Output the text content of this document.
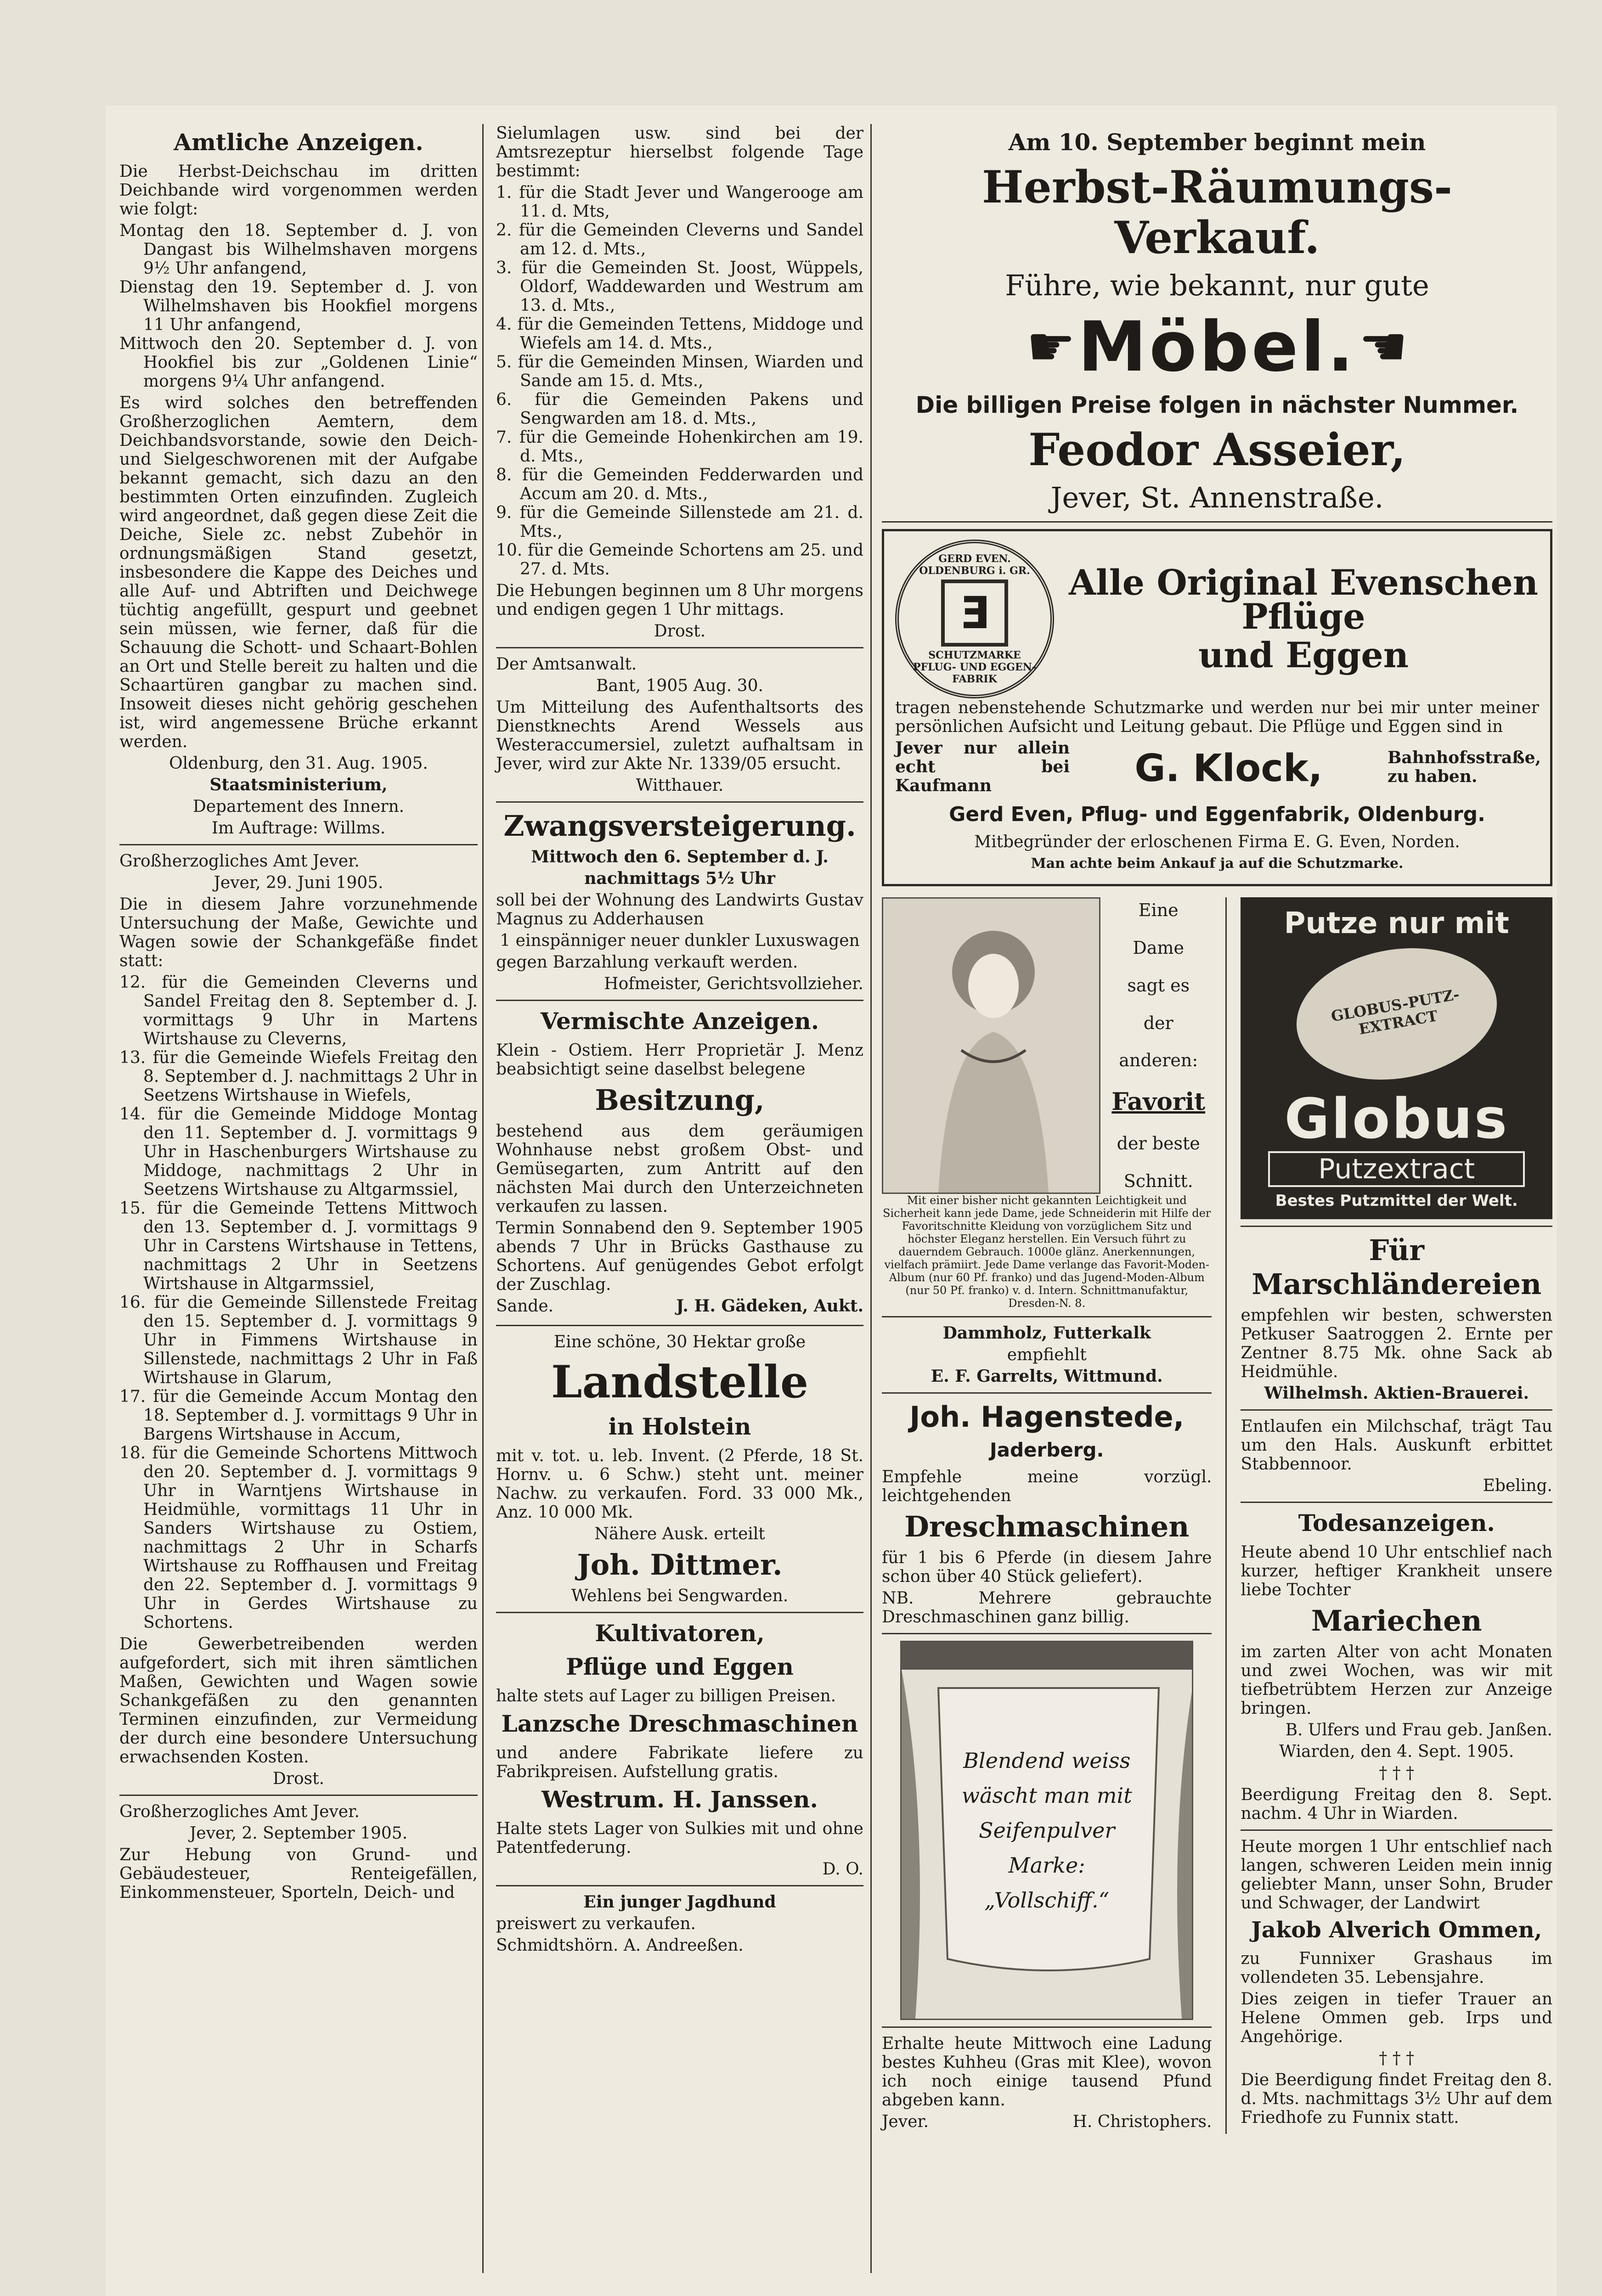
Amtliche Anzeigen.

Die Herbst-Deichschau im dritten Deichbande wird vorgenommen werden wie folgt:

Montag den 18. September d. J. von Dangast bis Wilhelmshaven morgens 9½ Uhr anfangend,
Dienstag den 19. September d. J. von Wilhelmshaven bis Hookfiel morgens 11 Uhr anfangend,
Mittwoch den 20. September d. J. von Hookfiel bis zur „Goldenen Linie“ morgens 9¼ Uhr anfangend.

Es wird solches den betreffenden Großherzoglichen Aemtern, dem Deichbandsvorstande, sowie den Deich- und Sielgeschworenen mit der Aufgabe bekannt gemacht, sich dazu an den bestimmten Orten einzufinden. Zugleich wird angeordnet, daß gegen diese Zeit die Deiche, Siele zc. nebst Zubehör in ordnungsmäßigen Stand gesetzt, insbesondere die Kappe des Deiches und alle Auf- und Abtriften und Deichwege tüchtig angefüllt, gespurt und geebnet sein müssen, wie ferner, daß für die Schauung die Schott- und Schaart-Bohlen an Ort und Stelle bereit zu halten und die Schaartüren gangbar zu machen sind. Insoweit dieses nicht gehörig geschehen ist, wird angemessene Brüche erkannt werden.

Oldenburg, den 31. Aug. 1905.

Staatsministerium,

Departement des Innern.

Im Auftrage: Willms.

Großherzogliches Amt Jever.

Jever, 29. Juni 1905.

Die in diesem Jahre vorzunehmende Untersuchung der Maße, Gewichte und Wagen sowie der Schankgefäße findet statt:

12. für die Gemeinden Cleverns und Sandel Freitag den 8. September d. J. vormittags 9 Uhr in Martens Wirtshause zu Cleverns,
13. für die Gemeinde Wiefels Freitag den 8. September d. J. nachmittags 2 Uhr in Seetzens Wirtshause in Wiefels,
14. für die Gemeinde Middoge Montag den 11. September d. J. vormittags 9 Uhr in Haschenburgers Wirtshause zu Middoge, nachmittags 2 Uhr in Seetzens Wirtshause zu Altgarmssiel,
15. für die Gemeinde Tettens Mittwoch den 13. September d. J. vormittags 9 Uhr in Carstens Wirtshause in Tettens, nachmittags 2 Uhr in Seetzens Wirtshause in Altgarmssiel,
16. für die Gemeinde Sillenstede Freitag den 15. September d. J. vormittags 9 Uhr in Fimmens Wirtshause in Sillenstede, nachmittags 2 Uhr in Faß Wirtshause in Glarum,
17. für die Gemeinde Accum Montag den 18. September d. J. vormittags 9 Uhr in Bargens Wirtshause in Accum,
18. für die Gemeinde Schortens Mittwoch den 20. September d. J. vormittags 9 Uhr in Warntjens Wirtshause in Heidmühle, vormittags 11 Uhr in Sanders Wirtshause zu Ostiem, nachmittags 2 Uhr in Scharfs Wirtshause zu Roffhausen und Freitag den 22. September d. J. vormittags 9 Uhr in Gerdes Wirtshause zu Schortens.

Die Gewerbetreibenden werden aufgefordert, sich mit ihren sämtlichen Maßen, Gewichten und Wagen sowie Schankgefäßen zu den genannten Terminen einzufinden, zur Vermeidung der durch eine besondere Untersuchung erwachsenden Kosten.

Drost.

Großherzogliches Amt Jever.

Jever, 2. September 1905.

Zur Hebung von Grund- und Gebäudesteuer, Renteigefällen, Einkommensteuer, Sporteln, Deich- und

Sielumlagen usw. sind bei der Amtsrezeptur hierselbst folgende Tage bestimmt:

1. für die Stadt Jever und Wangerooge am 11. d. Mts,
2. für die Gemeinden Cleverns und Sandel am 12. d. Mts.,
3. für die Gemeinden St. Joost, Wüppels, Oldorf, Waddewarden und Westrum am 13. d. Mts.,
4. für die Gemeinden Tettens, Middoge und Wiefels am 14. d. Mts.,
5. für die Gemeinden Minsen, Wiarden und Sande am 15. d. Mts.,
6. für die Gemeinden Pakens und Sengwarden am 18. d. Mts.,
7. für die Gemeinde Hohenkirchen am 19. d. Mts.,
8. für die Gemeinden Fedderwarden und Accum am 20. d. Mts.,
9. für die Gemeinde Sillenstede am 21. d. Mts.,
10. für die Gemeinde Schortens am 25. und 27. d. Mts.

Die Hebungen beginnen um 8 Uhr morgens und endigen gegen 1 Uhr mittags.

Drost.

Der Amtsanwalt.

Bant, 1905 Aug. 30.

Um Mitteilung des Aufenthaltsorts des Dienstknechts Arend Wessels aus Westeraccumersiel, zuletzt aufhaltsam in Jever, wird zur Akte Nr. 1339/05 ersucht.

Witthauer.

Zwangsversteigerung.

Mittwoch den 6. September d. J.

nachmittags 5½ Uhr

soll bei der Wohnung des Landwirts Gustav Magnus zu Adderhausen

1 einspänniger neuer dunkler Luxuswagen

gegen Barzahlung verkauft werden.

Hofmeister, Gerichtsvollzieher.

Vermischte Anzeigen.

Klein - Ostiem. Herr Proprietär J. Menz beabsichtigt seine daselbst belegene

Besitzung,

bestehend aus dem geräumigen Wohnhause nebst großem Obst- und Gemüsegarten, zum Antritt auf den nächsten Mai durch den Unterzeichneten verkaufen zu lassen.

Termin Sonnabend den 9. September 1905 abends 7 Uhr in Brücks Gasthause zu Schortens. Auf genügendes Gebot erfolgt der Zuschlag.

Sande.	J. H. Gädeken, Aukt.

Eine schöne, 30 Hektar große

Landstelle
in Holstein

mit v. tot. u. leb. Invent. (2 Pferde, 18 St. Hornv. u. 6 Schw.) steht unt. meiner Nachw. zu verkaufen. Ford. 33 000 Mk., Anz. 10 000 Mk.

Nähere Ausk. erteilt

Joh. Dittmer.

Wehlens bei Sengwarden.

Kultivatoren,
Pflüge und Eggen

halte stets auf Lager zu billigen Preisen.

Lanzsche Dreschmaschinen

und andere Fabrikate liefere zu Fabrikpreisen. Aufstellung gratis.

Westrum. H. Janssen.

Halte stets Lager von Sulkies mit und ohne Patentfederung.

D. O.

Ein junger Jagdhund

preiswert zu verkaufen.

Schmidtshörn. A. Andreeßen.

Am 10. September beginnt mein
Herbst-Räumungs-Verkauf.
Führe, wie bekannt, nur gute
☛ Möbel. ☛
Die billigen Preise folgen in nächster Nummer.
Feodor Asseier,
Jever, St. Annenstraße.
GERD EVEN. OLDENBURG i. GR.
Ǝ
SCHUTZMARKE
PFLUG- UND EGGEN-FABRIK
Alle Original Evenschen Pflüge
und Eggen

tragen nebenstehende Schutzmarke und werden nur bei mir unter meiner persönlichen Aufsicht und Leitung gebaut. Die Pflüge und Eggen sind in

Jever nur allein echt bei Kaufmann	G. Klock,	Bahnhofsstraße, zu haben.

Gerd Even, Pflug- und Eggenfabrik, Oldenburg.

Mitbegründer der erloschenen Firma E. G. Even, Norden.

Man achte beim Ankauf ja auf die Schutzmarke.

Eine
Dame
sagt es
der
anderen:
Favorit
der beste
Schnitt.

Mit einer bisher nicht gekannten Leichtigkeit und Sicherheit kann jede Dame, jede Schneiderin mit Hilfe der Favoritschnitte Kleidung von vorzüglichem Sitz und höchster Eleganz herstellen. Ein Versuch führt zu dauerndem Gebrauch. 1000e glänz. Anerkennungen, vielfach prämiirt. Jede Dame verlange das Favorit-Moden-Album (nur 60 Pf. franko) und das Jugend-Moden-Album (nur 50 Pf. franko) v. d. Intern. Schnittmanufaktur, Dresden-N. 8.

Dammholz, Futterkalk

empfiehlt

E. F. Garrelts, Wittmund.

Joh. Hagenstede,
Jaderberg.

Empfehle meine vorzügl. leichtgehenden

Dreschmaschinen

für 1 bis 6 Pferde (in diesem Jahre schon über 40 Stück geliefert).

NB. Mehrere gebrauchte Dreschmaschinen ganz billig.

Blendend weiss
wäscht man mit
Seifenpulver
Marke:
„Vollschiff.“

Erhalte heute Mittwoch eine Ladung bestes Kuhheu (Gras mit Klee), wovon ich noch einige tausend Pfund abgeben kann.

Jever.	H. Christophers.

Putze nur mit
GLOBUS-PUTZ-EXTRACT
Globus
Putzextract
Bestes Putzmittel der Welt.
Für Marschländereien

empfehlen wir besten, schwersten Petkuser Saatroggen 2. Ernte per Zentner 8.75 Mk. ohne Sack ab Heidmühle.

Wilhelmsh. Aktien-Brauerei.

Entlaufen ein Milchschaf, trägt Tau um den Hals. Auskunft erbittet Stabbennoor.

Ebeling.

Todesanzeigen.

Heute abend 10 Uhr entschlief nach kurzer, heftiger Krankheit unsere liebe Tochter

Mariechen

im zarten Alter von acht Monaten und zwei Wochen, was wir mit tiefbetrübtem Herzen zur Anzeige bringen.

B. Ulfers und Frau geb. Janßen.

Wiarden, den 4. Sept. 1905.

† † †

Beerdigung Freitag den 8. Sept. nachm. 4 Uhr in Wiarden.

Heute morgen 1 Uhr entschlief nach langen, schweren Leiden mein innig geliebter Mann, unser Sohn, Bruder und Schwager, der Landwirt

Jakob Alverich Ommen,

zu Funnixer Grashaus im vollendeten 35. Lebensjahre.

Dies zeigen in tiefer Trauer an Helene Ommen geb. Irps und Angehörige.

† † †

Die Beerdigung findet Freitag den 8. d. Mts. nachmittags 3½ Uhr auf dem Friedhofe zu Funnix statt.
